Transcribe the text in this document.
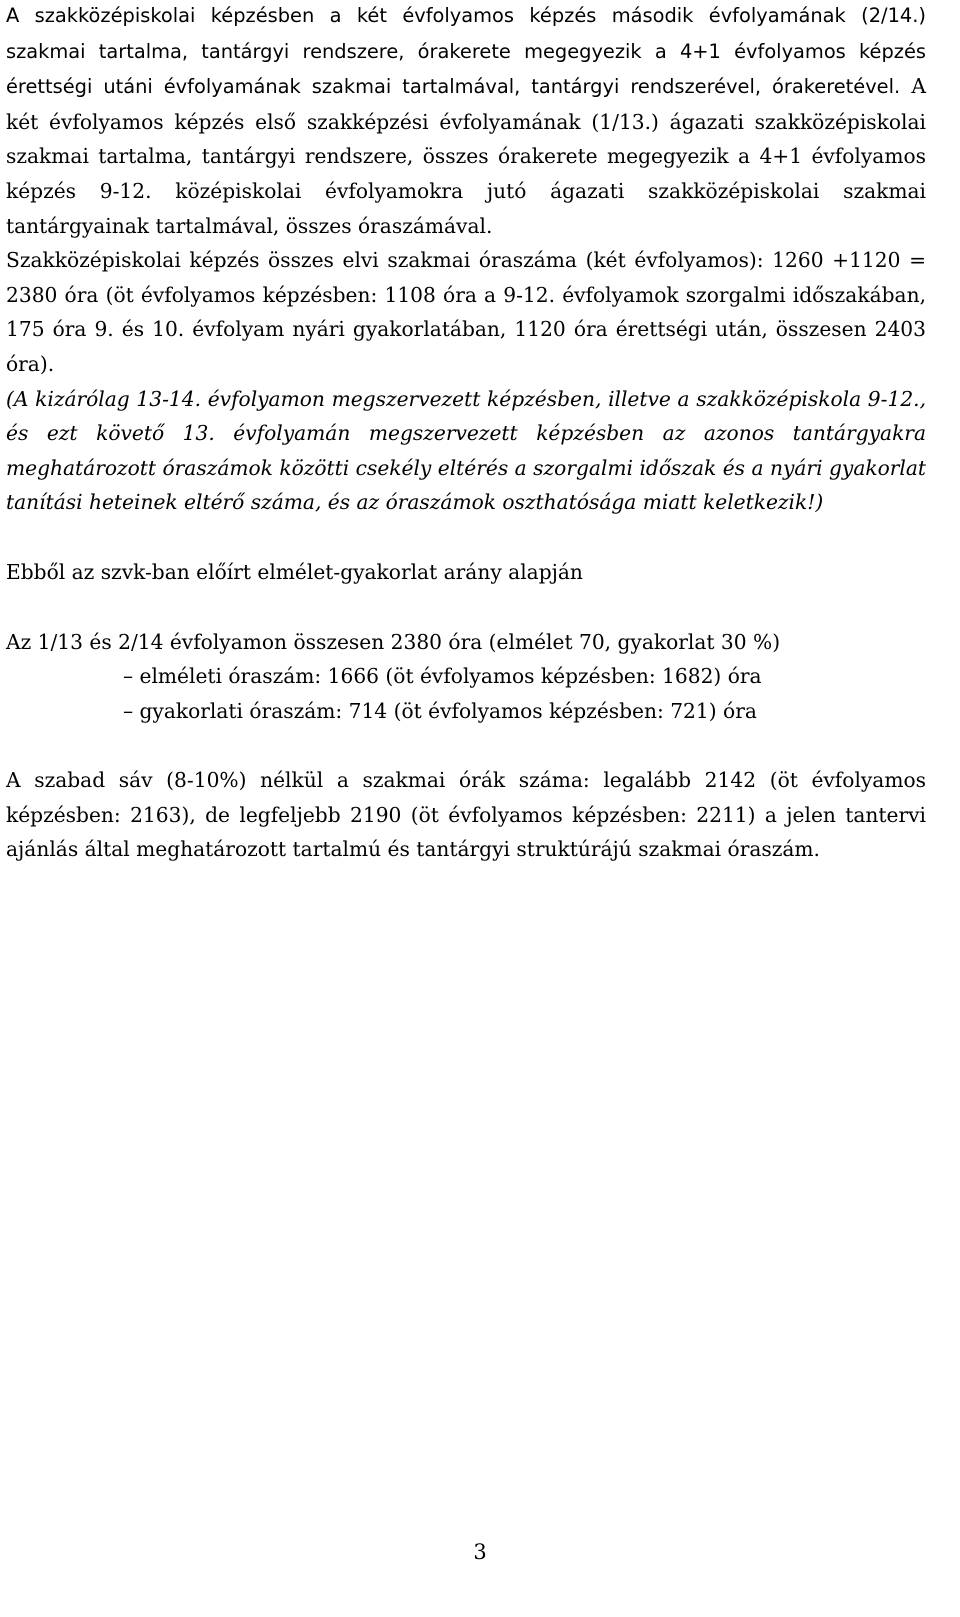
A szakközépiskolai képzésben a két évfolyamos képzés második évfolyamának (2/14.) szakmai tartalma, tantárgyi rendszere, órakerete megegyezik a 4+1 évfolyamos képzés érettségi utáni évfolyamának szakmai tartalmával, tantárgyi rendszerével, órakeretével. A két évfolyamos képzés első szakképzési évfolyamának (1/13.) ágazati szakközépiskolai szakmai tartalma, tantárgyi rendszere, összes órakerete megegyezik a 4+1 évfolyamos képzés 9-12. középiskolai évfolyamokra jutó ágazati szakközépiskolai szakmai tantárgyainak tartalmával, összes óraszámával.

Szakközépiskolai képzés összes elvi szakmai óraszáma (két évfolyamos): 1260 +1120 = 2380 óra (öt évfolyamos képzésben: 1108 óra a 9-12. évfolyamok szorgalmi időszakában, 175 óra 9. és 10. évfolyam nyári gyakorlatában, 1120 óra érettségi után, összesen 2403 óra).

(A kizárólag 13-14. évfolyamon megszervezett képzésben, illetve a szakközépiskola 9-12., és ezt követő 13. évfolyamán megszervezett képzésben az azonos tantárgyakra meghatározott óraszámok közötti csekély eltérés a szorgalmi időszak és a nyári gyakorlat tanítási heteinek eltérő száma, és az óraszámok oszthatósága miatt keletkezik!)

Ebből az szvk-ban előírt elmélet-gyakorlat arány alapján

Az 1/13 és 2/14 évfolyamon összesen 2380 óra (elmélet 70, gyakorlat 30 %)

– elméleti óraszám: 1666 (öt évfolyamos képzésben: 1682) óra

– gyakorlati óraszám: 714 (öt évfolyamos képzésben: 721) óra

A szabad sáv (8-10%) nélkül a szakmai órák száma: legalább 2142 (öt évfolyamos képzésben: 2163), de legfeljebb 2190 (öt évfolyamos képzésben: 2211) a jelen tantervi ajánlás által meghatározott tartalmú és tantárgyi struktúrájú szakmai óraszám.

3
